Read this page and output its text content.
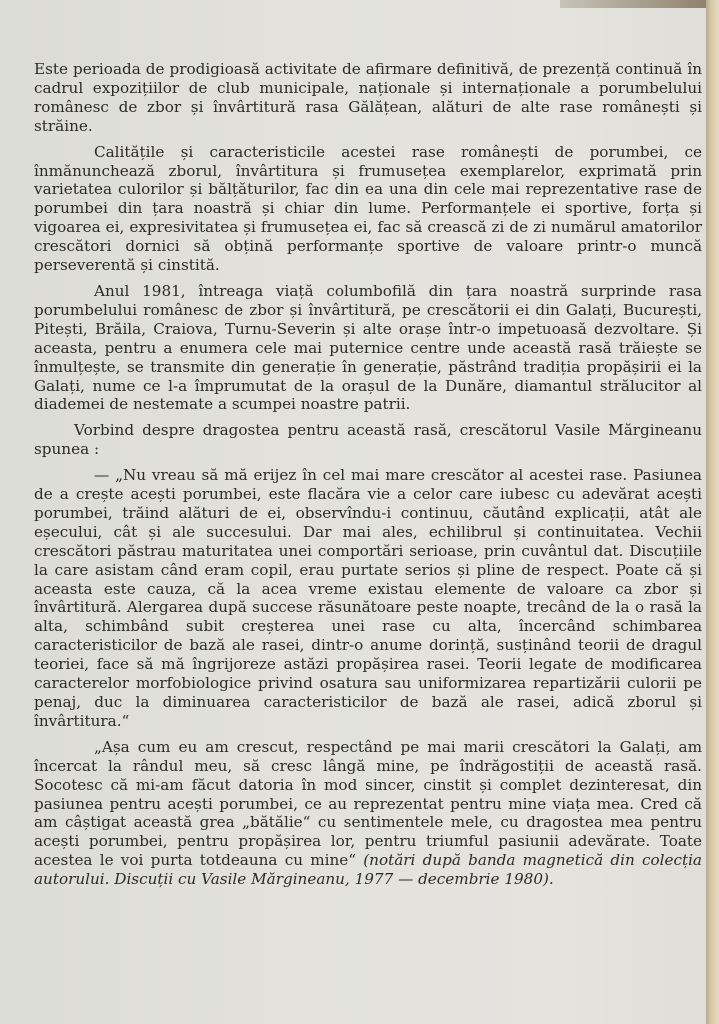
Este perioada de prodigioasă activitate de afirmare definitivă, de prezență continuă în cadrul expozițiilor de club municipale, naționale și internaționale a porumbelului românesc de zbor și învârtitură rasa Gălățean, alături de alte rase românești și străine.

Calitățile și caracteristicile acestei rase românești de porumbei, ce înmănunchează zborul, învârtitura și frumusețea exemplarelor, exprimată prin varietatea culorilor și bălțăturilor, fac din ea una din cele mai reprezentative rase de porumbei din țara noastră și chiar din lume. Performanțele ei sportive, forța și vigoarea ei, expresivitatea și frumusețea ei, fac să crească zi de zi numărul amatorilor crescători dornici să obțină performanțe sportive de valoare printr-o muncă perseverentă și cinstită.

Anul 1981, întreaga viață columbofilă din țara noastră surprinde rasa porumbelului românesc de zbor și învârtitură, pe crescătorii ei din Galați, București, Pitești, Brăila, Craiova, Turnu-Severin și alte orașe într-o impetuoasă dezvoltare. Și aceasta, pentru a enumera cele mai puternice centre unde această rasă trăiește se înmulțește, se transmite din generație în generație, păstrând tradiția propășirii ei la Galați, nume ce l-a împrumutat de la orașul de la Dunăre, diamantul strălucitor al diademei de nestemate a scumpei noastre patrii.

Vorbind despre dragostea pentru această rasă, crescătorul Vasile Mărgineanu spunea :

— „Nu vreau să mă erijez în cel mai mare crescător al acestei rase. Pasiunea de a crește acești porumbei, este flacăra vie a celor care iubesc cu adevărat acești porumbei, trăind alături de ei, observîndu-i continuu, căutând explicații, atât ale eșecului, cât și ale succesului. Dar mai ales, echilibrul și continuitatea. Vechii crescători păstrau maturitatea unei comportări serioase, prin cuvântul dat. Discuțiile la care asistam când eram copil, erau purtate serios și pline de respect. Poate că și aceasta este cauza, că la acea vreme existau elemente de valoare ca zbor și învârtitură. Alergarea după succese răsunătoare peste noapte, trecând de la o rasă la alta, schimbând subit creșterea unei rase cu alta, încercând schimbarea caracteristicilor de bază ale rasei, dintr-o anume dorință, susținând teorii de dragul teoriei, face să mă îngrijoreze astăzi propășirea rasei. Teorii legate de modificarea caracterelor morfobiologice privind osatura sau uniformizarea repartizării culorii pe penaj, duc la diminuarea caracteristicilor de bază ale rasei, adică zborul și învârtitura.“

„Așa cum eu am crescut, respectând pe mai marii crescători la Galați, am încercat la rândul meu, să cresc lângă mine, pe îndrăgostiții de această rasă. Socotesc că mi-am făcut datoria în mod sincer, cinstit și complet dezinteresat, din pasiunea pentru acești porumbei, ce au reprezentat pentru mine viața mea. Cred că am câștigat această grea „bătălie“ cu sentimentele mele, cu dragostea mea pentru acești porumbei, pentru propășirea lor, pentru triumful pasiunii adevărate. Toate acestea le voi purta totdeauna cu mine“ (notări după banda magnetică din colecția autorului. Discuții cu Vasile Mărgineanu, 1977 — decembrie 1980).
